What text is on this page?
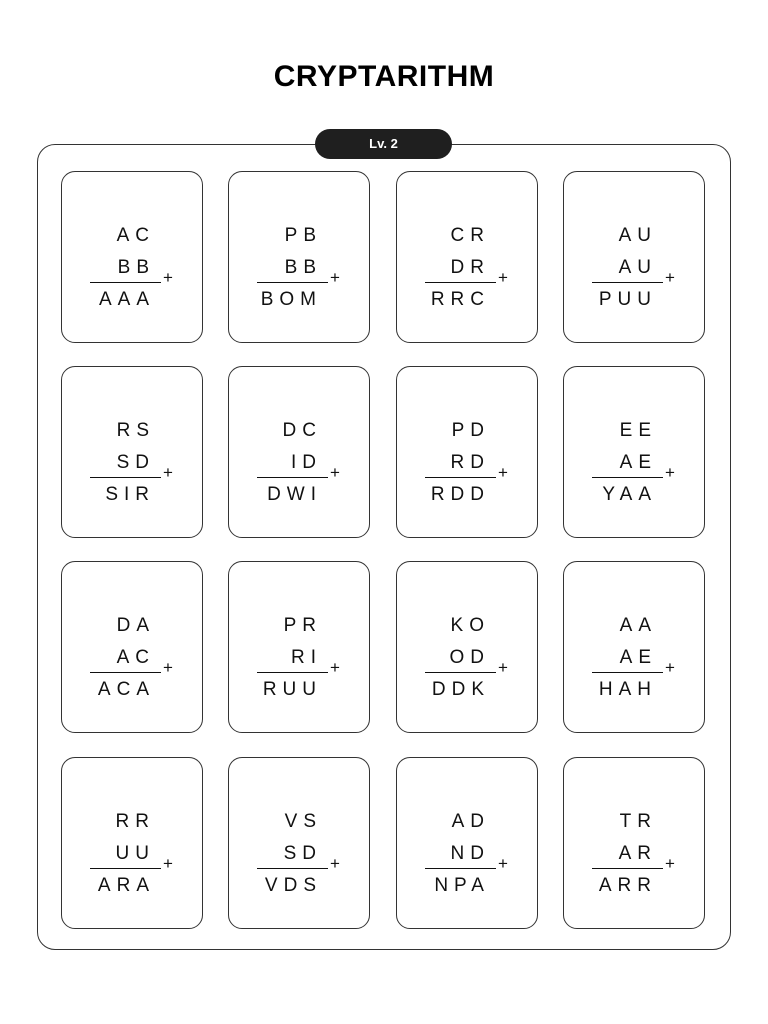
CRYPTARITHM
Lv. 2
AC
BB +
AAA
PB
BB +
BOM
CR
DR +
RRC
AU
AU +
PUU
RS
SD +
SIR
DC
ID +
DWI
PD
RD +
RDD
EE
AE +
YAA
DA
AC +
ACA
PR
RI +
RUU
KO
OD +
DDK
AA
AE +
HAH
RR
UU +
ARA
VS
SD +
VDS
AD
ND +
NPA
TR
AR +
ARR
